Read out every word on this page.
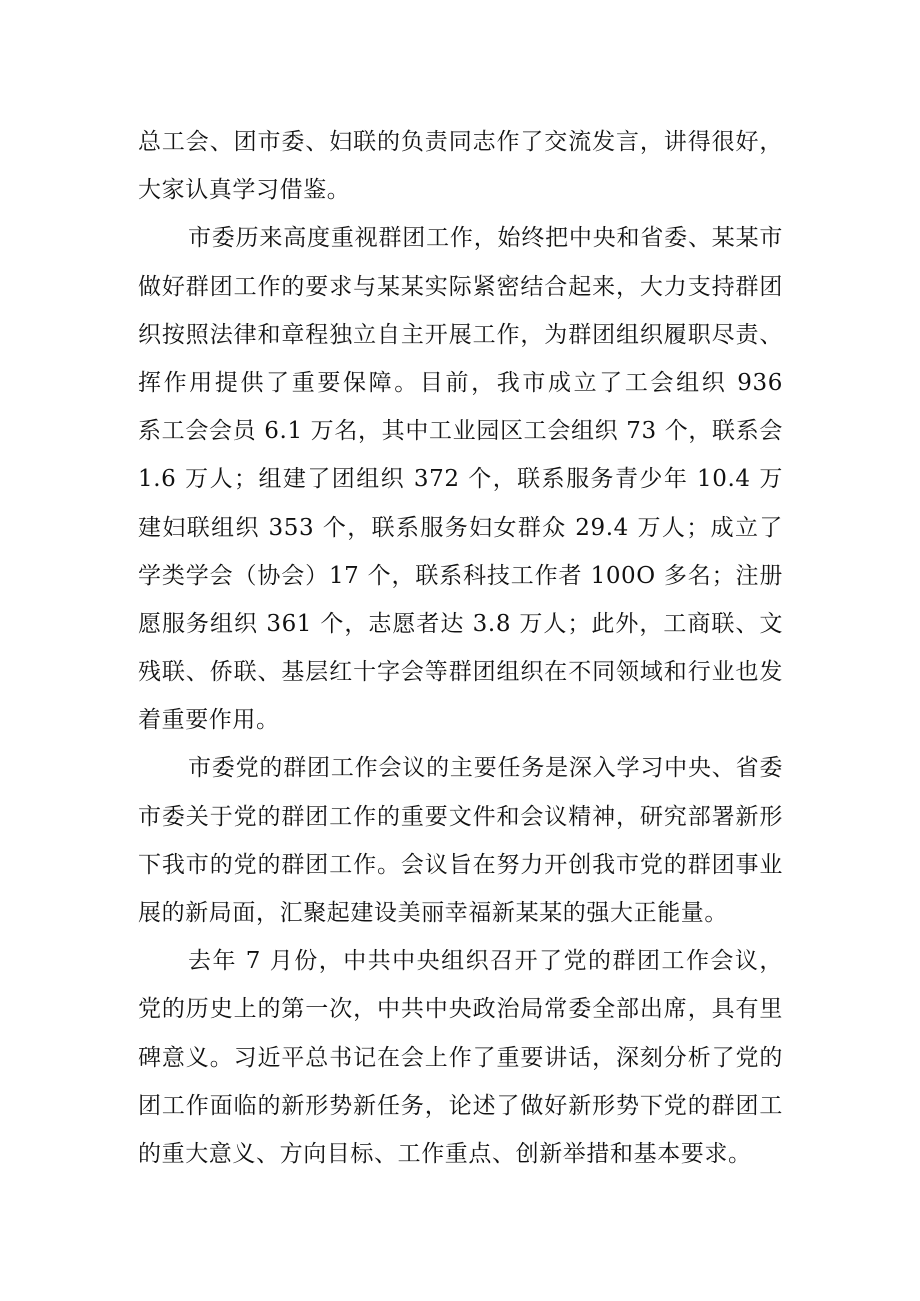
总工会、团市委、妇联的负责同志作了交流发言，讲得很好，
大家认真学习借鉴。
市委历来高度重视群团工作，始终把中央和省委、某某市
做好群团工作的要求与某某实际紧密结合起来，大力支持群团
织按照法律和章程独立自主开展工作，为群团组织履职尽责、
挥作用提供了重要保障。目前，我市成立了工会组织 936
系工会会员 6.1 万名，其中工业园区工会组织 73 个，联系会
1.6 万人；组建了团组织 372 个，联系服务青少年 10.4 万
建妇联组织 353 个，联系服务妇女群众 29.4 万人；成立了
学类学会（协会）17 个，联系科技工作者 100O 多名；注册
愿服务组织 361 个，志愿者达 3.8 万人；此外，工商联、文
残联、侨联、基层红十字会等群团组织在不同领域和行业也发
着重要作用。
市委党的群团工作会议的主要任务是深入学习中央、省委
市委关于党的群团工作的重要文件和会议精神，研究部署新形
下我市的党的群团工作。会议旨在努力开创我市党的群团事业
展的新局面，汇聚起建设美丽幸福新某某的强大正能量。
去年 7 月份，中共中央组织召开了党的群团工作会议，
党的历史上的第一次，中共中央政治局常委全部出席，具有里
碑意义。习近平总书记在会上作了重要讲话，深刻分析了党的
团工作面临的新形势新任务，论述了做好新形势下党的群团工
的重大意义、方向目标、工作重点、创新举措和基本要求。
